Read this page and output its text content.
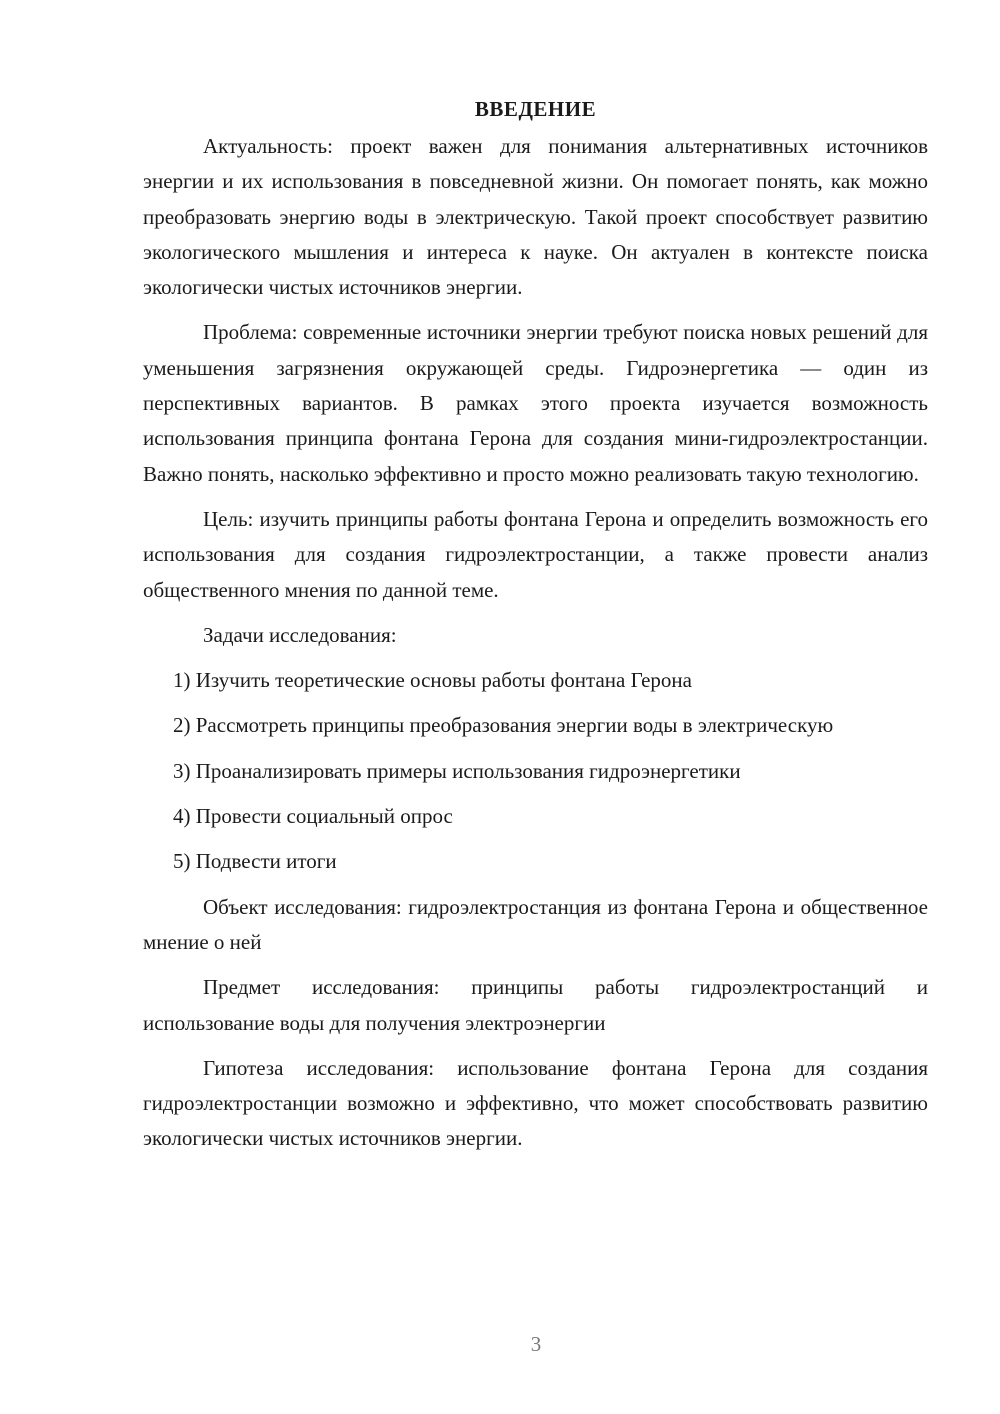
ВВЕДЕНИЕ

Актуальность: проект важен для понимания альтернативных источников энергии и их использования в повседневной жизни. Он помогает понять, как можно преобразовать энергию воды в электрическую. Такой проект способствует развитию экологического мышления и интереса к науке. Он актуален в контексте поиска экологически чистых источников энергии.

Проблема: современные источники энергии требуют поиска новых решений для уменьшения загрязнения окружающей среды. Гидроэнергетика — один из перспективных вариантов. В рамках этого проекта изучается возможность использования принципа фонтана Герона для создания мини-гидроэлектростанции. Важно понять, насколько эффективно и просто можно реализовать такую технологию.

Цель: изучить принципы работы фонтана Герона и определить возможность его использования для создания гидроэлектростанции, а также провести анализ общественного мнения по данной теме.

Задачи исследования:

1) Изучить теоретические основы работы фонтана Герона

2) Рассмотреть принципы преобразования энергии воды в электрическую

3) Проанализировать примеры использования гидроэнергетики

4) Провести социальный опрос

5) Подвести итоги

Объект исследования: гидроэлектростанция из фонтана Герона и общественное мнение о ней

Предмет исследования: принципы работы гидроэлектростанций и использование воды для получения электроэнергии

Гипотеза исследования: использование фонтана Герона для создания гидроэлектростанции возможно и эффективно, что может способствовать развитию экологически чистых источников энергии.

3
